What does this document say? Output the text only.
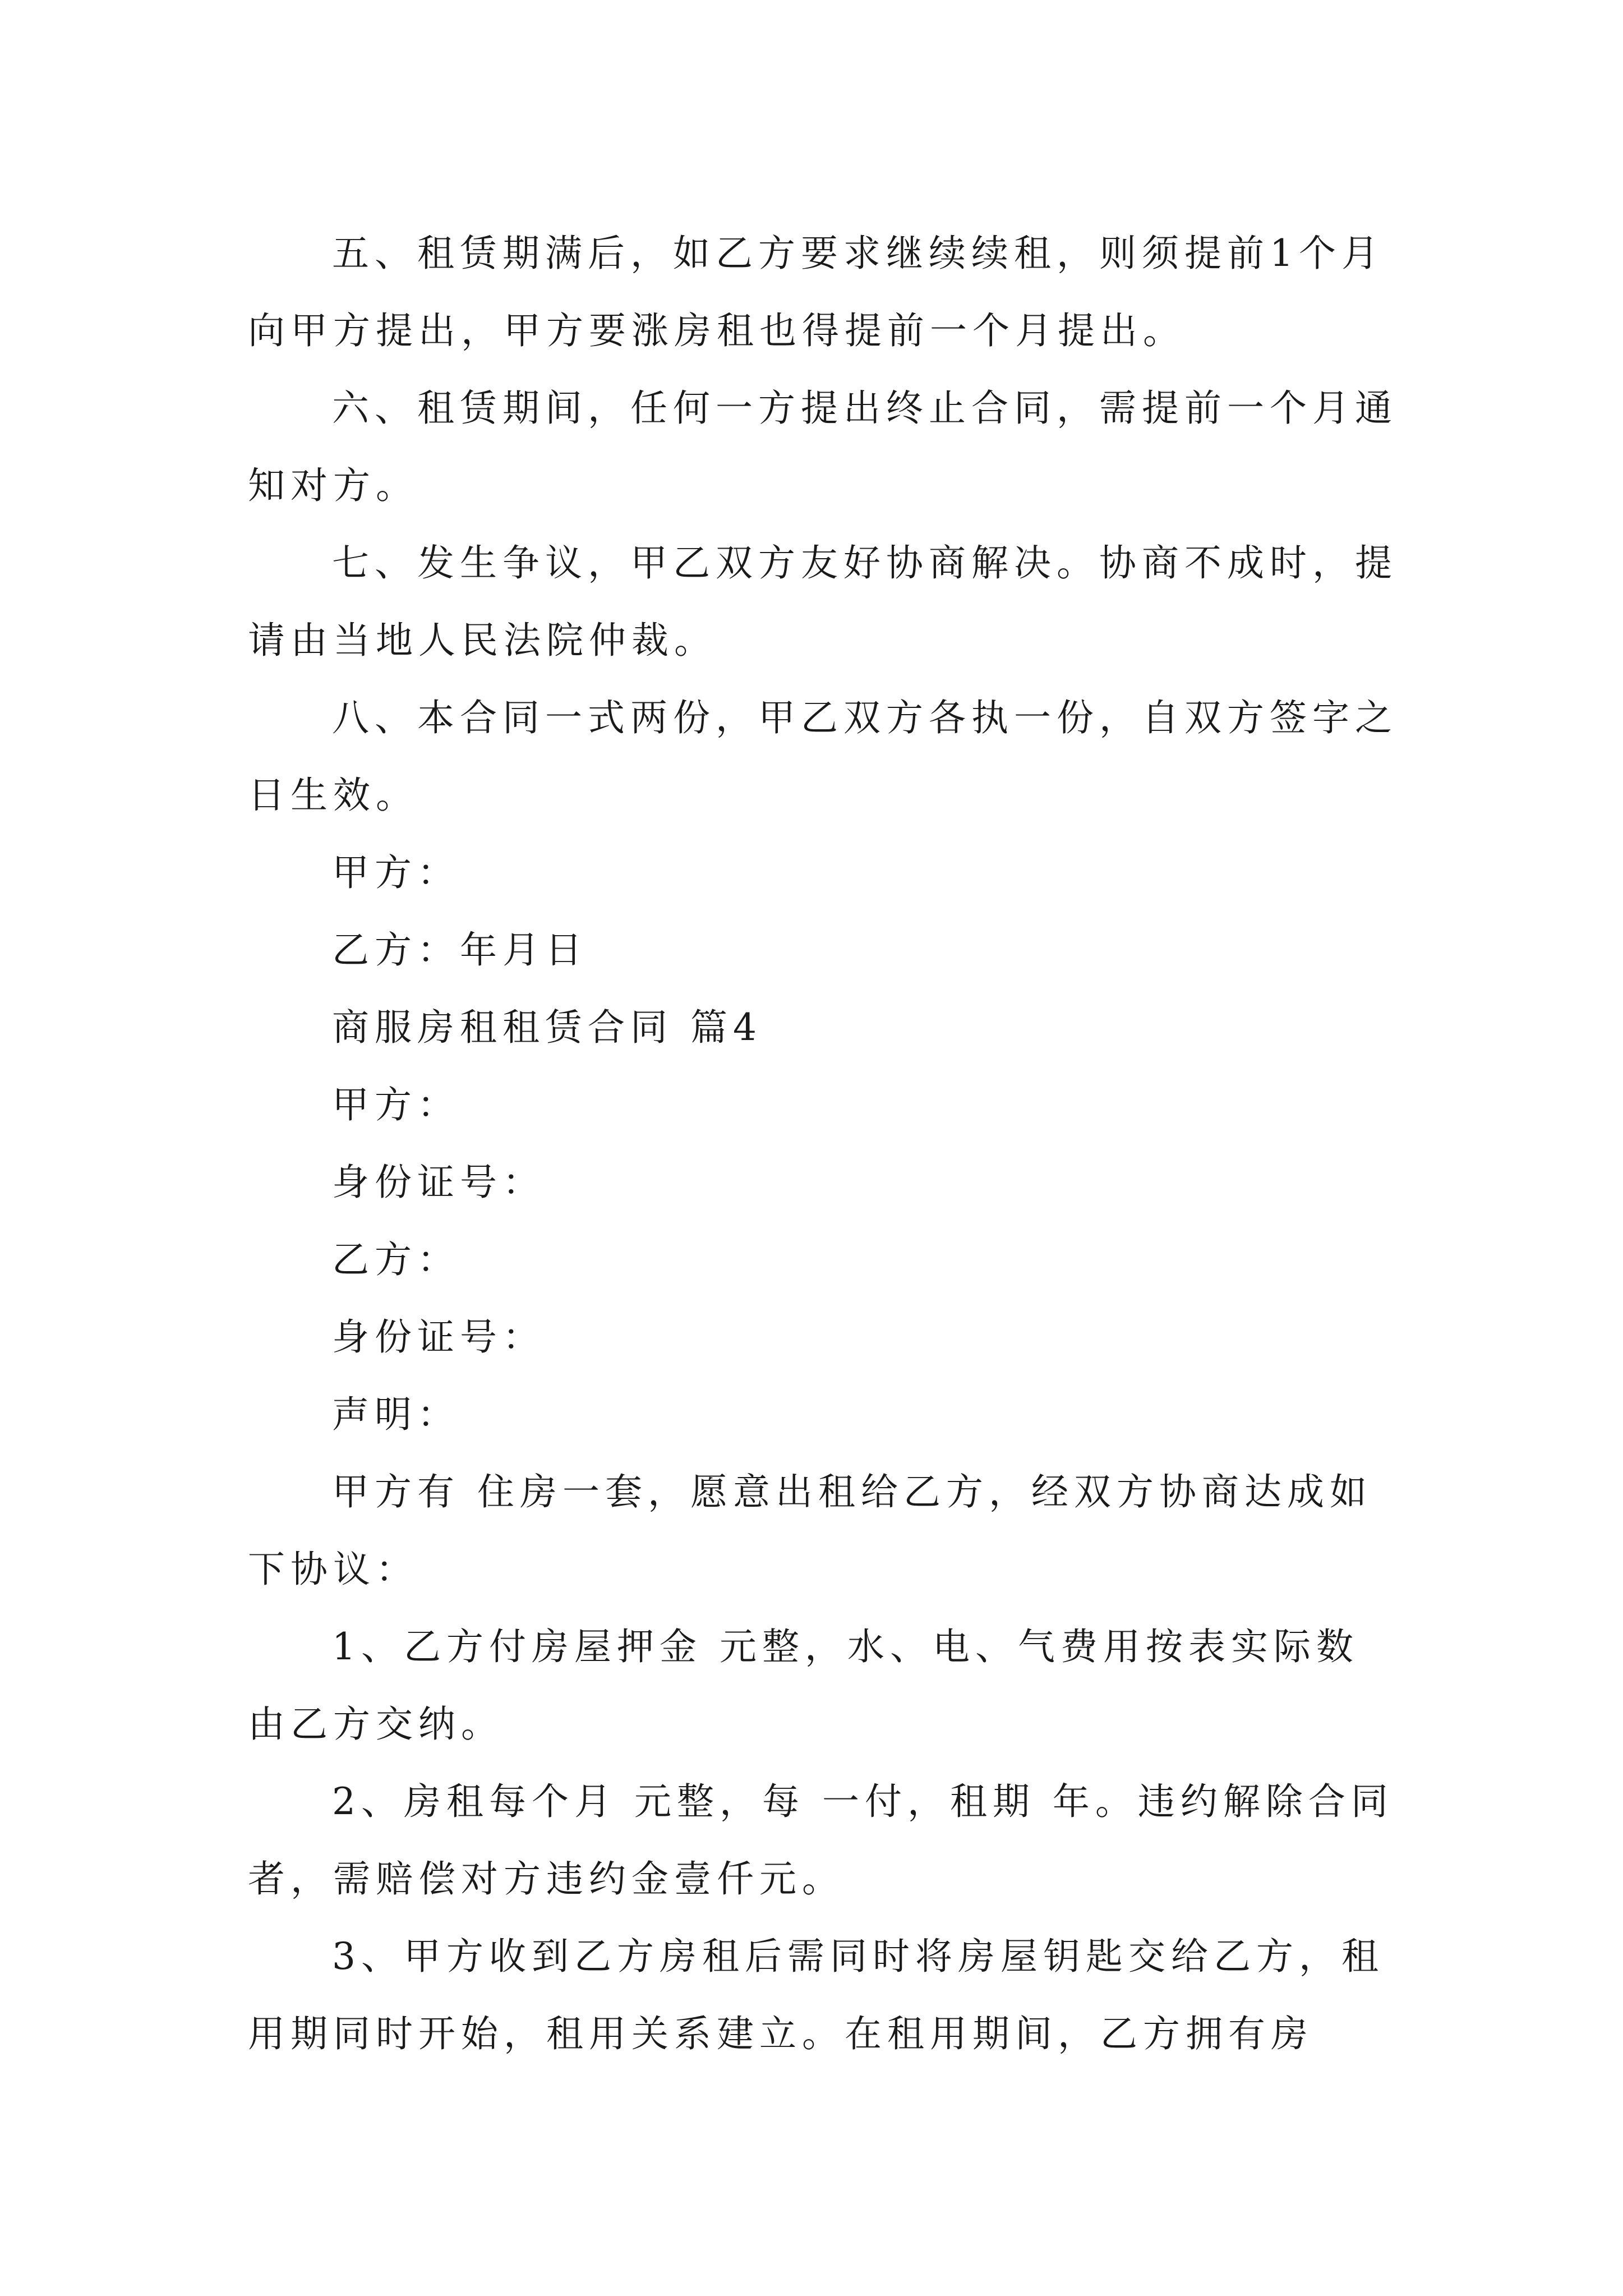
五、租赁期满后，如乙方要求继续续租，则须提前1个月向甲方提出，甲方要涨房租也得提前一个月提出。

六、租赁期间，任何一方提出终止合同，需提前一个月通知对方。

七、发生争议，甲乙双方友好协商解决。协商不成时，提请由当地人民法院仲裁。

八、本合同一式两份，甲乙双方各执一份，自双方签字之日生效。

甲方：

乙方：年月日

商服房租租赁合同 篇4

甲方：

身份证号：

乙方：

身份证号：

声明：

甲方有 住房一套，愿意出租给乙方，经双方协商达成如下协议：

1、乙方付房屋押金 元整，水、电、气费用按表实际数由乙方交纳。

2、房租每个月 元整，每 一付，租期 年。违约解除合同者，需赔偿对方违约金壹仟元。

3、甲方收到乙方房租后需同时将房屋钥匙交给乙方，租用期同时开始，租用关系建立。在租用期间，乙方拥有房
